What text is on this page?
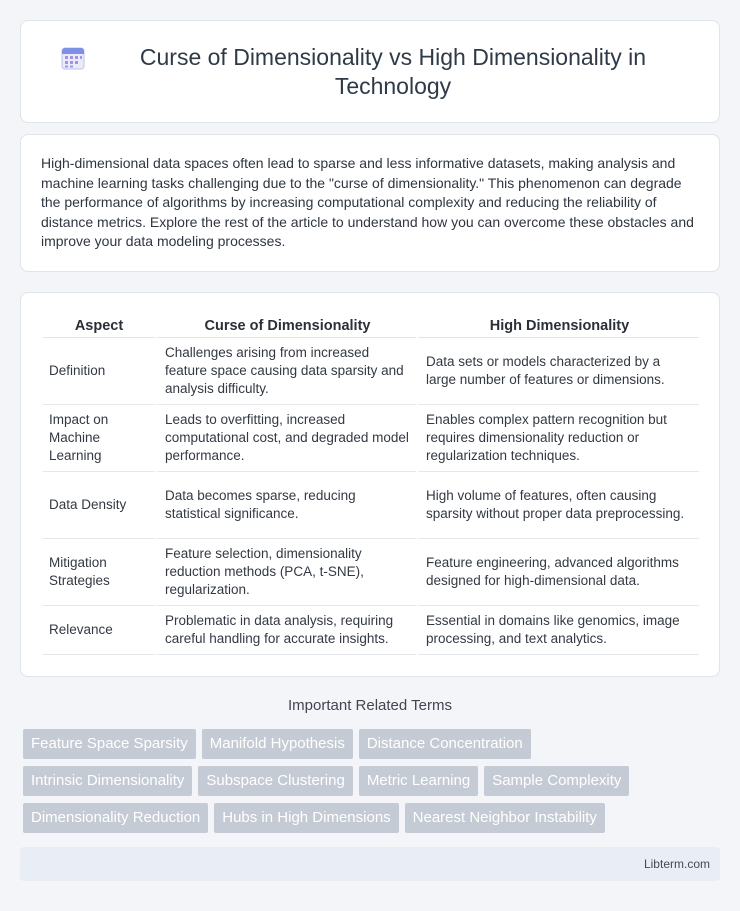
Curse of Dimensionality vs High Dimensionality in Technology

High-dimensional data spaces often lead to sparse and less informative datasets, making analysis and machine learning tasks challenging due to the "curse of dimensionality." This phenomenon can degrade the performance of algorithms by increasing computational complexity and reducing the reliability of distance metrics. Explore the rest of the article to understand how you can overcome these obstacles and improve your data modeling processes.

Aspect	Curse of Dimensionality	High Dimensionality
Definition	Challenges arising from increased feature space causing data sparsity and analysis difficulty.	Data sets or models characterized by a large number of features or dimensions.
Impact on Machine Learning	Leads to overfitting, increased computational cost, and degraded model performance.	Enables complex pattern recognition but requires dimensionality reduction or regularization techniques.
Data Density	Data becomes sparse, reducing statistical significance.	High volume of features, often causing sparsity without proper data preprocessing.
Mitigation Strategies	Feature selection, dimensionality reduction methods (PCA, t-SNE), regularization.	Feature engineering, advanced algorithms designed for high-dimensional data.
Relevance	Problematic in data analysis, requiring careful handling for accurate insights.	Essential in domains like genomics, image processing, and text analytics.
Important Related Terms
Feature Space Sparsity	Manifold Hypothesis	Distance Concentration
Intrinsic Dimensionality	Subspace Clustering	Metric Learning	Sample Complexity
Dimensionality Reduction	Hubs in High Dimensions	Nearest Neighbor Instability
Libterm.com
